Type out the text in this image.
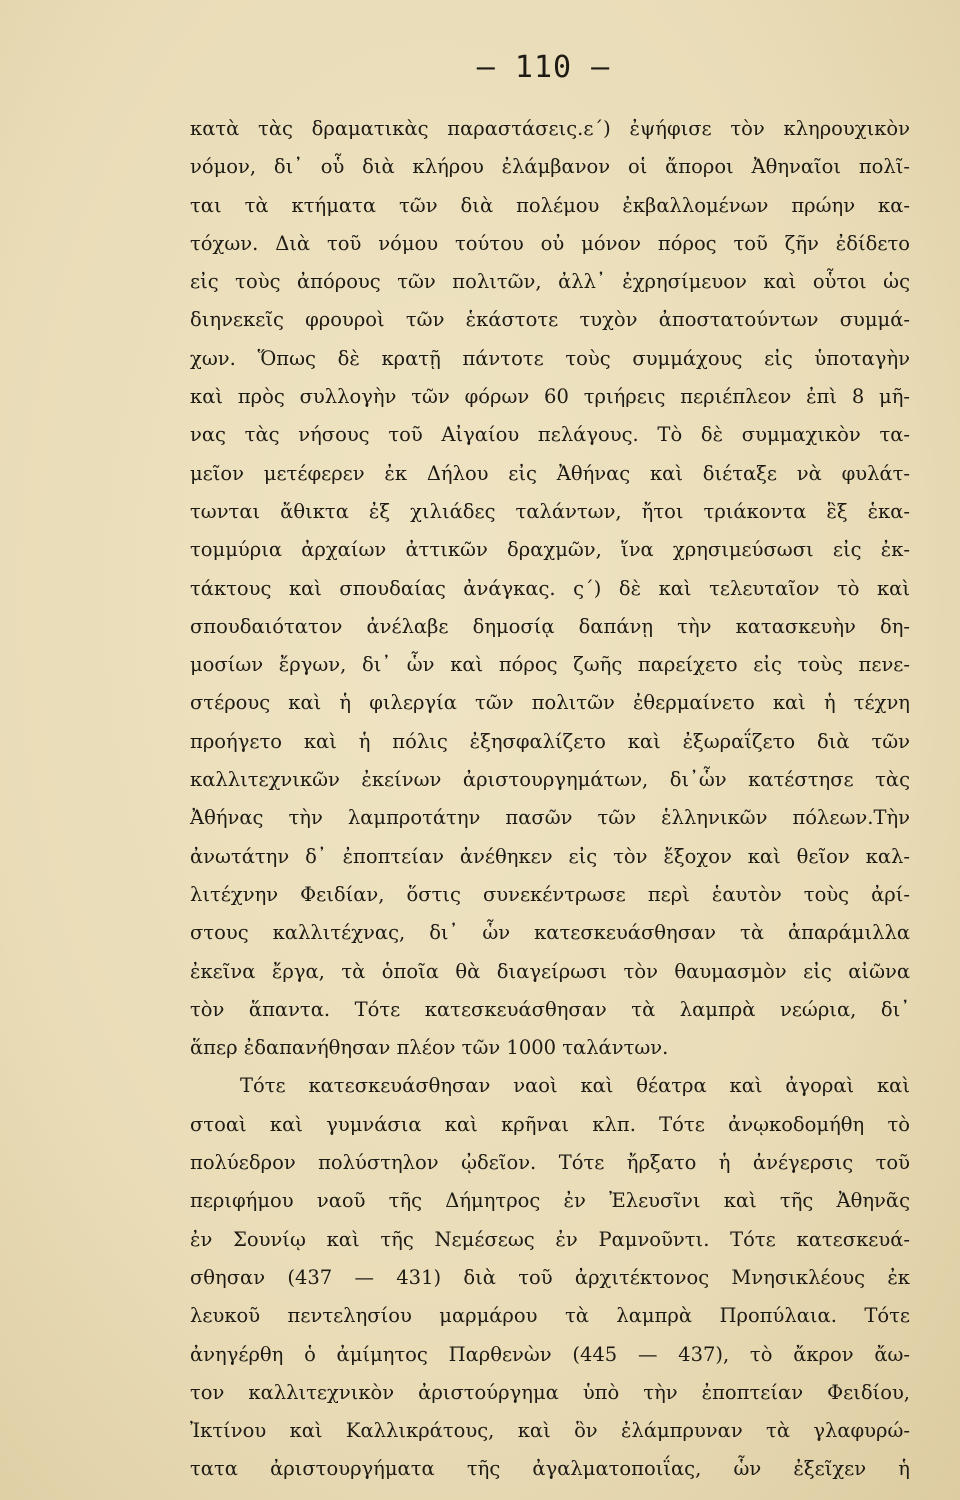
— 110 —
κατὰ τὰς δραματικὰς παραστάσεις.ε΄) ἐψήφισε τὸν κληρουχικὸν
νόμον, δι᾽ οὗ διὰ κλήρου ἐλάμβανον οἱ ἄποροι Ἀθηναῖοι πολῖ-
ται τὰ κτήματα τῶν διὰ πολέμου ἐκβαλλομένων πρώην κα-
τόχων. Διὰ τοῦ νόμου τούτου οὐ μόνον πόρος τοῦ ζῆν ἐδίδετο
εἰς τοὺς ἀπόρους τῶν πολιτῶν, ἀλλ᾽ ἐχρησίμευον καὶ οὗτοι ὡς
διηνεκεῖς φρουροὶ τῶν ἑκάστοτε τυχὸν ἀποστατούντων συμμά-
χων. Ὅπως δὲ κρατῇ πάντοτε τοὺς συμμάχους εἰς ὑποταγὴν
καὶ πρὸς συλλογὴν τῶν φόρων 60 τριήρεις περιέπλεον ἐπὶ 8 μῆ-
νας τὰς νήσους τοῦ Αἰγαίου πελάγους. Τὸ δὲ συμμαχικὸν τα-
μεῖον μετέφερεν ἐκ Δήλου εἰς Ἀθήνας καὶ διέταξε νὰ φυλάτ-
τωνται ἄθικτα ἐξ χιλιάδες ταλάντων, ἤτοι τριάκοντα ἓξ ἑκα-
τομμύρια ἀρχαίων ἀττικῶν δραχμῶν, ἵνα χρησιμεύσωσι εἰς ἐκ-
τάκτους καὶ σπουδαίας ἀνάγκας. ς΄) δὲ καὶ τελευταῖον τὸ καὶ
σπουδαιότατον ἀνέλαβε δημοσίᾳ δαπάνῃ τὴν κατασκευὴν δη-
μοσίων ἔργων, δι᾽ ὧν καὶ πόρος ζωῆς παρείχετο εἰς τοὺς πενε-
στέρους καὶ ἡ φιλεργία τῶν πολιτῶν ἐθερμαίνετο καὶ ἡ τέχνη
προήγετο καὶ ἡ πόλις ἐξησφαλίζετο καὶ ἐξωραΐζετο διὰ τῶν
καλλιτεχνικῶν ἐκείνων ἀριστουργημάτων, δι᾽ὧν κατέστησε τὰς
Ἀθήνας τὴν λαμπροτάτην πασῶν τῶν ἑλληνικῶν πόλεων.Τὴν
ἀνωτάτην δ᾽ ἐποπτείαν ἀνέθηκεν εἰς τὸν ἔξοχον καὶ θεῖον καλ-
λιτέχνην Φειδίαν, ὅστις συνεκέντρωσε περὶ ἑαυτὸν τοὺς ἀρί-
στους καλλιτέχνας, δι᾽ ὧν κατεσκευάσθησαν τὰ ἀπαράμιλλα
ἐκεῖνα ἔργα, τὰ ὁποῖα θὰ διαγείρωσι τὸν θαυμασμὸν εἰς αἰῶνα
τὸν ἅπαντα. Τότε κατεσκευάσθησαν τὰ λαμπρὰ νεώρια, δι᾽
ἅπερ ἐδαπανήθησαν πλέον τῶν 1000 ταλάντων.
Τότε κατεσκευάσθησαν ναοὶ καὶ θέατρα καὶ ἀγοραὶ καὶ
στοαὶ καὶ γυμνάσια καὶ κρῆναι κλπ. Τότε ἀνῳκοδομήθη τὸ
πολύεδρον πολύστηλον ᾠδεῖον. Τότε ἤρξατο ἡ ἀνέγερσις τοῦ
περιφήμου ναοῦ τῆς Δήμητρος ἐν Ἐλευσῖνι καὶ τῆς Ἀθηνᾶς
ἐν Σουνίῳ καὶ τῆς Νεμέσεως ἐν Ραμνοῦντι. Τότε κατεσκευά-
σθησαν (437 — 431) διὰ τοῦ ἀρχιτέκτονος Μνησικλέους ἐκ
λευκοῦ πεντελησίου μαρμάρου τὰ λαμπρὰ Προπύλαια. Τότε
ἀνηγέρθη ὁ ἀμίμητος Παρθενὼν (445 — 437), τὸ ἄκρον ἄω-
τον καλλιτεχνικὸν ἀριστούργημα ὑπὸ τὴν ἐποπτείαν Φειδίου,
Ἰκτίνου καὶ Καλλικράτους, καὶ ὃν ἐλάμπρυναν τὰ γλαφυρώ-
τατα ἀριστουργήματα τῆς ἀγαλματοποιΐας, ὧν ἐξεῖχεν ἡ
